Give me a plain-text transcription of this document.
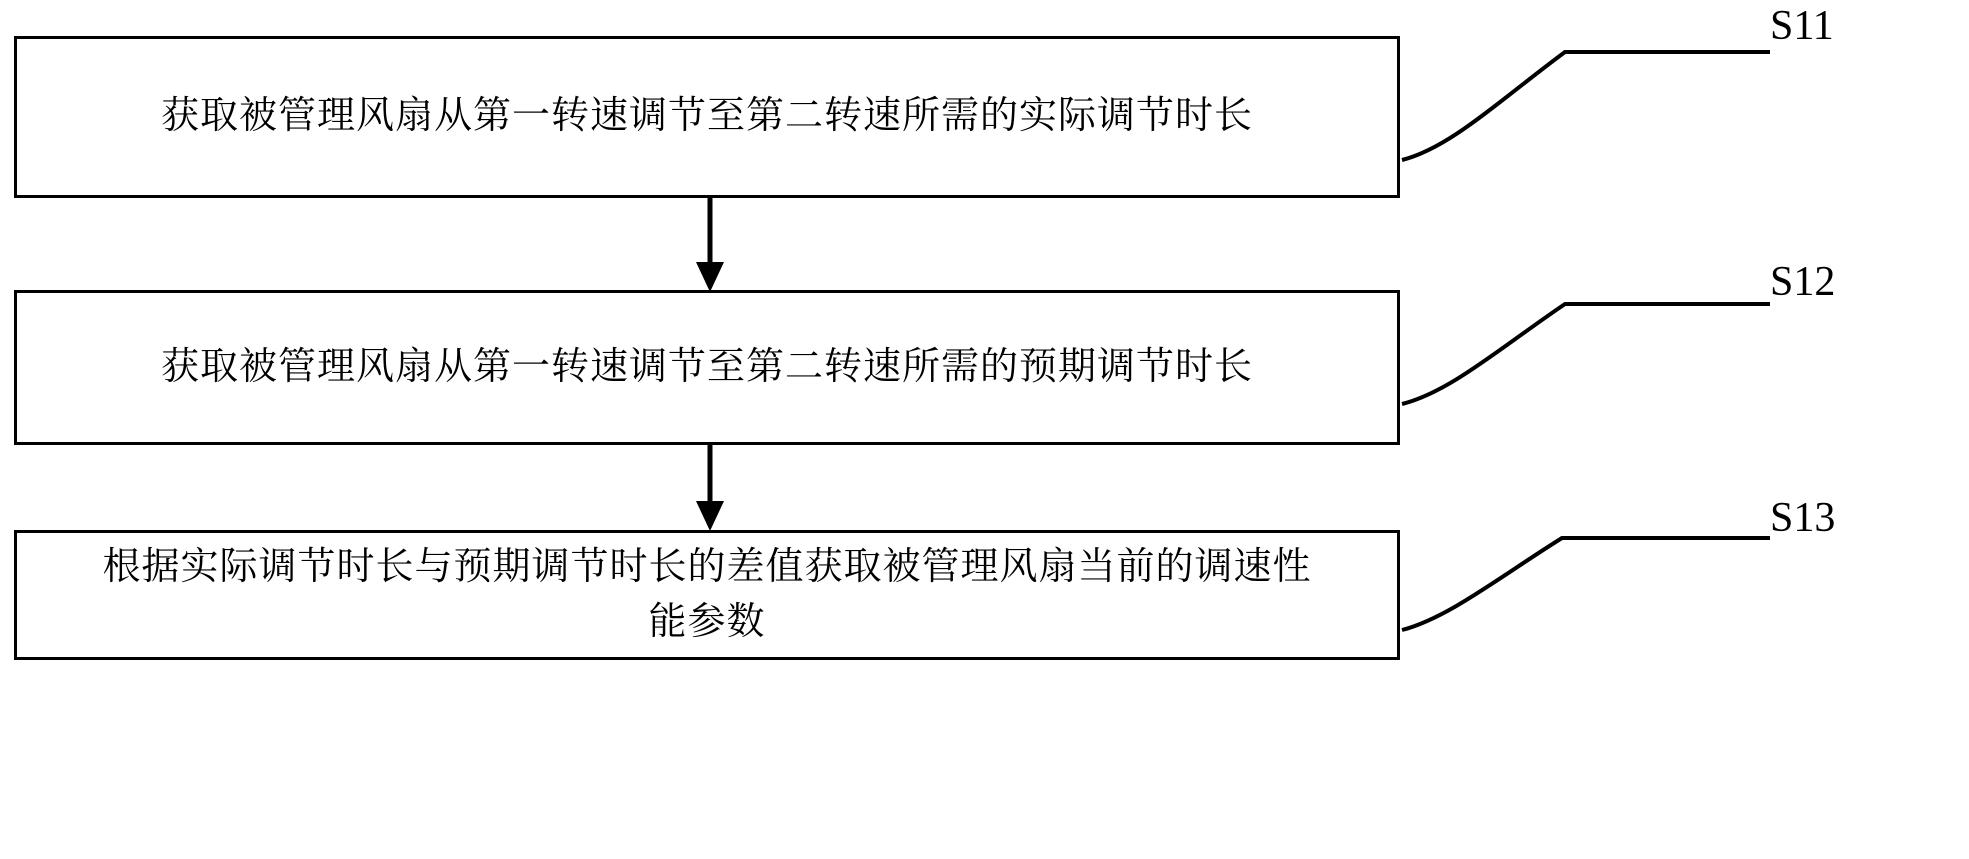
获取被管理风扇从第一转速调节至第二转速所需的实际调节时长
获取被管理风扇从第一转速调节至第二转速所需的预期调节时长
根据实际调节时长与预期调节时长的差值获取被管理风扇当前的调速性
能参数
S11
S12
S13
